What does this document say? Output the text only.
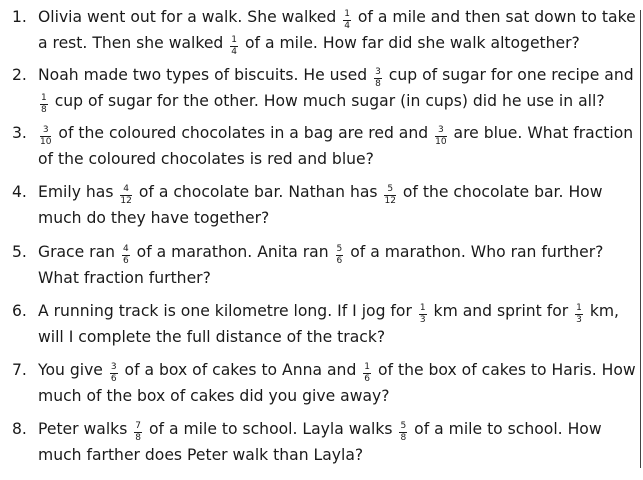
1. Olivia went out for a walk. She walked $\frac{1}{4}$ of a mile and then sat down to take a rest. Then she walked $\frac{1}{4}$ of a mile. How far did she walk altogether?
2. Noah made two types of biscuits. He used $\frac{3}{8}$ cup of sugar for one recipe and
$\frac{1}{8}$ cup of sugar for the other. How much sugar (in cups) did he use in all?
3.	$\frac{3}{10}$ of the coloured chocolates in a bag are red and $\frac{3}{10}$ are blue. What fraction of the coloured chocolates is red and blue?
4. Emily has $\frac{4}{12}$ of a chocolate bar. Nathan has $\frac{5}{12}$ of the chocolate bar. How much do they have together?
5. Grace ran $\frac{4}{6}$ of a marathon. Anita ran $\frac{5}{6}$ of a marathon. Who ran further? What fraction further?
6. A running track is one kilometre long. If I jog for $\frac{1}{3}$ km and sprint for $\frac{1}{3}$ km, will I complete the full distance of the track?
7. You give $\frac{3}{6}$ of a box of cakes to Anna and $\frac{1}{6}$ of the box of cakes to Haris. How much of the box of cakes did you give away?
8. Peter walks $\frac{7}{8}$ of a mile to school. Layla walks $\frac{5}{8}$ of a mile to school. How much farther does Peter walk than Layla?
